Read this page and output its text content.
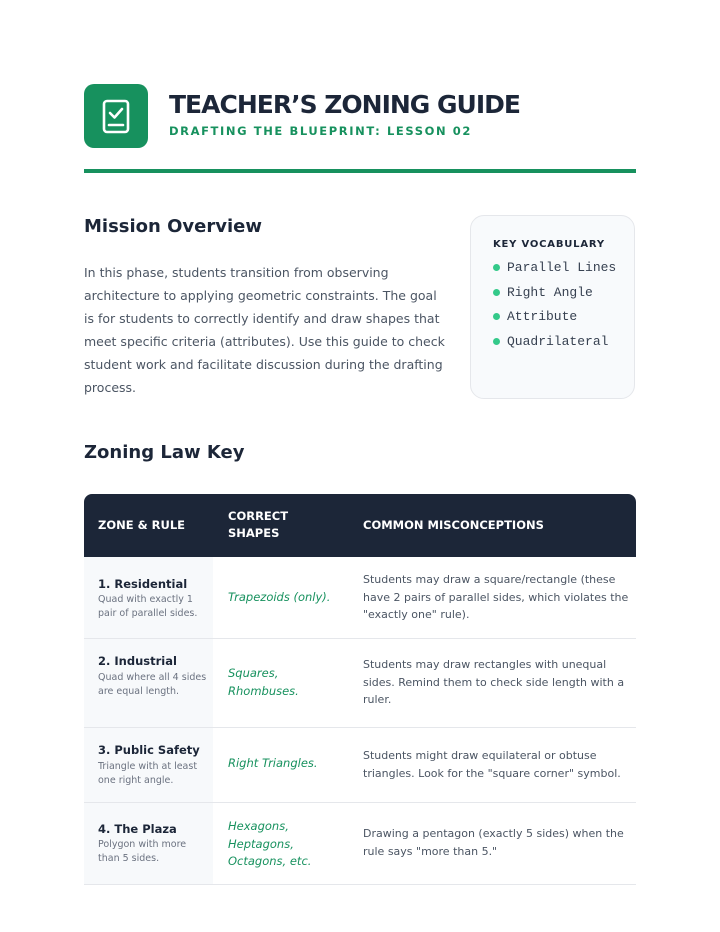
TEACHER’S ZONING GUIDE
DRAFTING THE BLUEPRINT: LESSON 02
Mission Overview

In this phase, students transition from observing architecture to applying geometric constraints. The goal is for students to correctly identify and draw shapes that meet specific criteria (attributes). Use this guide to check student work and facilitate discussion during the drafting process.

KEY VOCABULARY
Parallel Lines
Right Angle
Attribute
Quadrilateral
Zoning Law Key
ZONE & RULE
CORRECT SHAPES
COMMON MISCONCEPTIONS
1. Residential
Quad with exactly 1 pair of parallel sides.
Trapezoids (only).
Students may draw a square/rectangle (these have 2 pairs of parallel sides, which violates the "exactly one" rule).
2. Industrial
Quad where all 4 sides are equal length.
Squares, Rhombuses.
Students may draw rectangles with unequal sides. Remind them to check side length with a ruler.
3. Public Safety
Triangle with at least one right angle.
Right Triangles.
Students might draw equilateral or obtuse triangles. Look for the "square corner" symbol.
4. The Plaza
Polygon with more than 5 sides.
Hexagons, Heptagons, Octagons, etc.
Drawing a pentagon (exactly 5 sides) when the rule says "more than 5."
